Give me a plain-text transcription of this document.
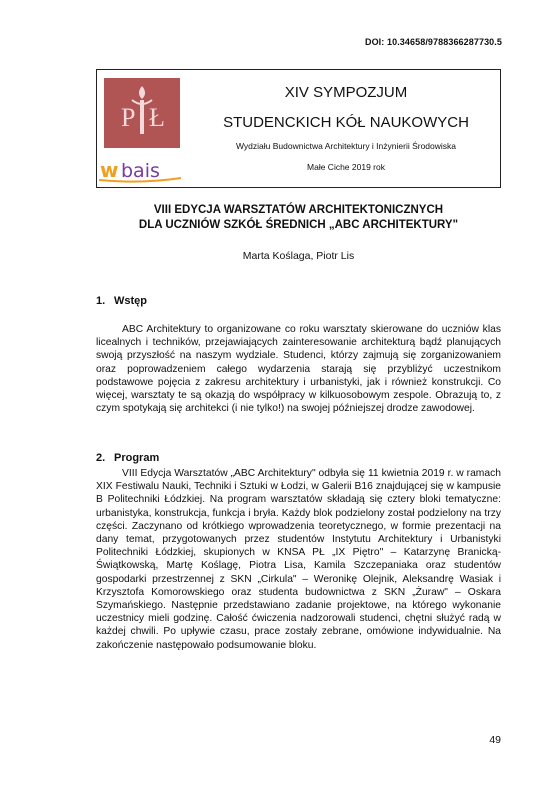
DOI: 10.34658/9788366287730.5
P Ł
w bais
XIV SYMPOZJUM
STUDENCKICH KÓŁ NAUKOWYCH
Wydziału Budownictwa Architektury i Inżynierii Środowiska
Małe Ciche 2019 rok
VIII EDYCJA WARSZTATÓW ARCHITEKTONICZNYCH
DLA UCZNIÓW SZKÓŁ ŚREDNICH „ABC ARCHITEKTURY"
Marta Koślaga, Piotr Lis
1. Wstęp

ABC Architektury to organizowane co roku warsztaty skierowane do uczniów klas licealnych i techników, przejawiających zainteresowanie architekturą bądź planujących swoją przyszłość na naszym wydziale. Studenci, którzy zajmują się zorganizowaniem oraz poprowadzeniem całego wydarzenia starają się przybliżyć uczestnikom podstawowe pojęcia z zakresu architektury i urbanistyki, jak i również konstrukcji. Co więcej, warsztaty te są okazją do współpracy w kilkuosobowym zespole. Obrazują to, z czym spotykają się architekci (i nie tylko!) na swojej późniejszej drodze zawodowej.

2. Program

VIII Edycja Warsztatów „ABC Architektury" odbyła się 11 kwietnia 2019 r. w ramach XIX Festiwalu Nauki, Techniki i Sztuki w Łodzi, w Galerii B16 znajdującej się w kampusie B Politechniki Łódzkiej. Na program warsztatów składają się cztery bloki tematyczne: urbanistyka, konstrukcja, funkcja i bryła. Każdy blok podzielony został podzielony na trzy części. Zaczynano od krótkiego wprowadzenia teoretycznego, w formie prezentacji na dany temat, przygotowanych przez studentów Instytutu Architektury i Urbanistyki Politechniki Łódzkiej, skupionych w KNSA PŁ „IX Piętro" – Katarzynę Branicką-Świątkowską, Martę Koślagę, Piotra Lisa, Kamila Szczepaniaka oraz studentów gospodarki przestrzennej z SKN „Cirkula" – Weronikę Olejnik, Aleksandrę Wasiak i Krzysztofa Komorowskiego oraz studenta budownictwa z SKN „Żuraw" – Oskara Szymańskiego. Następnie przedstawiano zadanie projektowe, na którego wykonanie uczestnicy mieli godzinę. Całość ćwiczenia nadzorowali studenci, chętni służyć radą w każdej chwili. Po upływie czasu, prace zostały zebrane, omówione indywidualnie. Na zakończenie następowało podsumowanie bloku.

49
